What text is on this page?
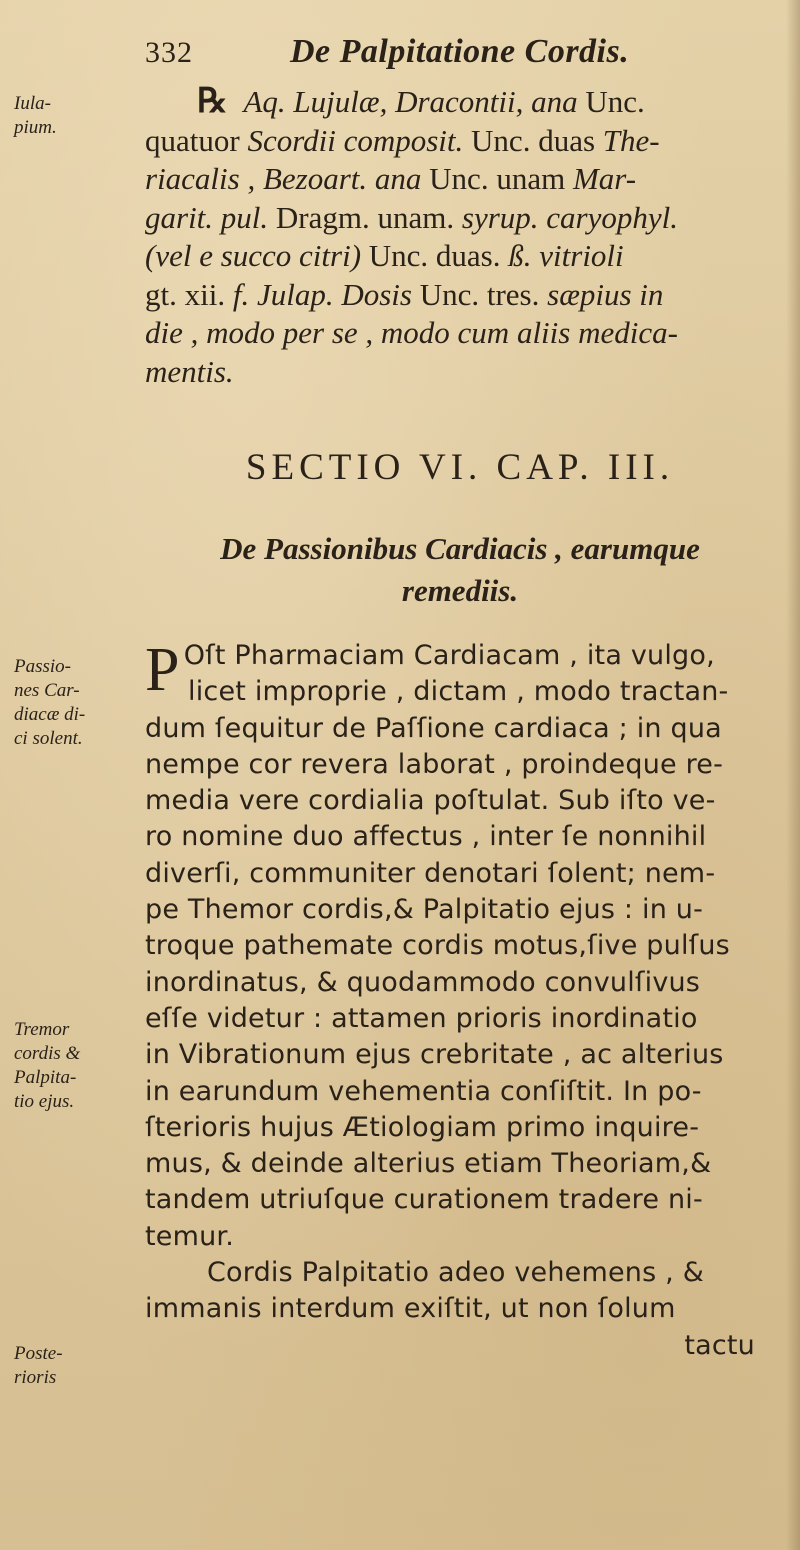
332	De Palpitatione Cordis.
Iula-
pium.
Passio-
nes Car-
diacæ di-
ci solent.
Tremor
cordis &
Palpita-
tio ejus.
Poste-
rioris
℞ Aq. Lujulæ, Dracontii, ana Unc.
quatuor Scordii composit. Unc. duas The-
riacalis , Bezoart. ana Unc. unam Mar-
garit. pul. Dragm. unam. syrup. caryophyl.
(vel e succo citri) Unc. duas. ß. vitrioli
gt. xii. f. Julap. Dosis Unc. tres. sæpius in
die , modo per se , modo cum aliis medica-
mentis.
SECTIO VI. CAP. III.
De Passionibus Cardiacis , earumque
remediis.
P Oſt Pharmaciam Cardiacam , ita vulgo,
licet improprie , dictam , modo tractan-
dum ſequitur de Paſſione cardiaca ; in qua
nempe cor revera laborat , proindeque re-
media vere cordialia poſtulat. Sub iſto ve-
ro nomine duo affectus , inter ſe nonnihil
diverſi, communiter denotari ſolent; nem-
pe Themor cordis,& Palpitatio ejus : in u-
troque pathemate cordis motus,ſive pulſus
inordinatus, & quodammodo convulſivus
eſſe videtur : attamen prioris inordinatio
in Vibrationum ejus crebritate , ac alterius
in earundum vehementia conſiſtit. In po-
ſterioris hujus Ætiologiam primo inquire-
mus, & deinde alterius etiam Theoriam,&
tandem utriuſque curationem tradere ni-
temur.
Cordis Palpitatio adeo vehemens , &
immanis interdum exiſtit, ut non ſolum
tactu
